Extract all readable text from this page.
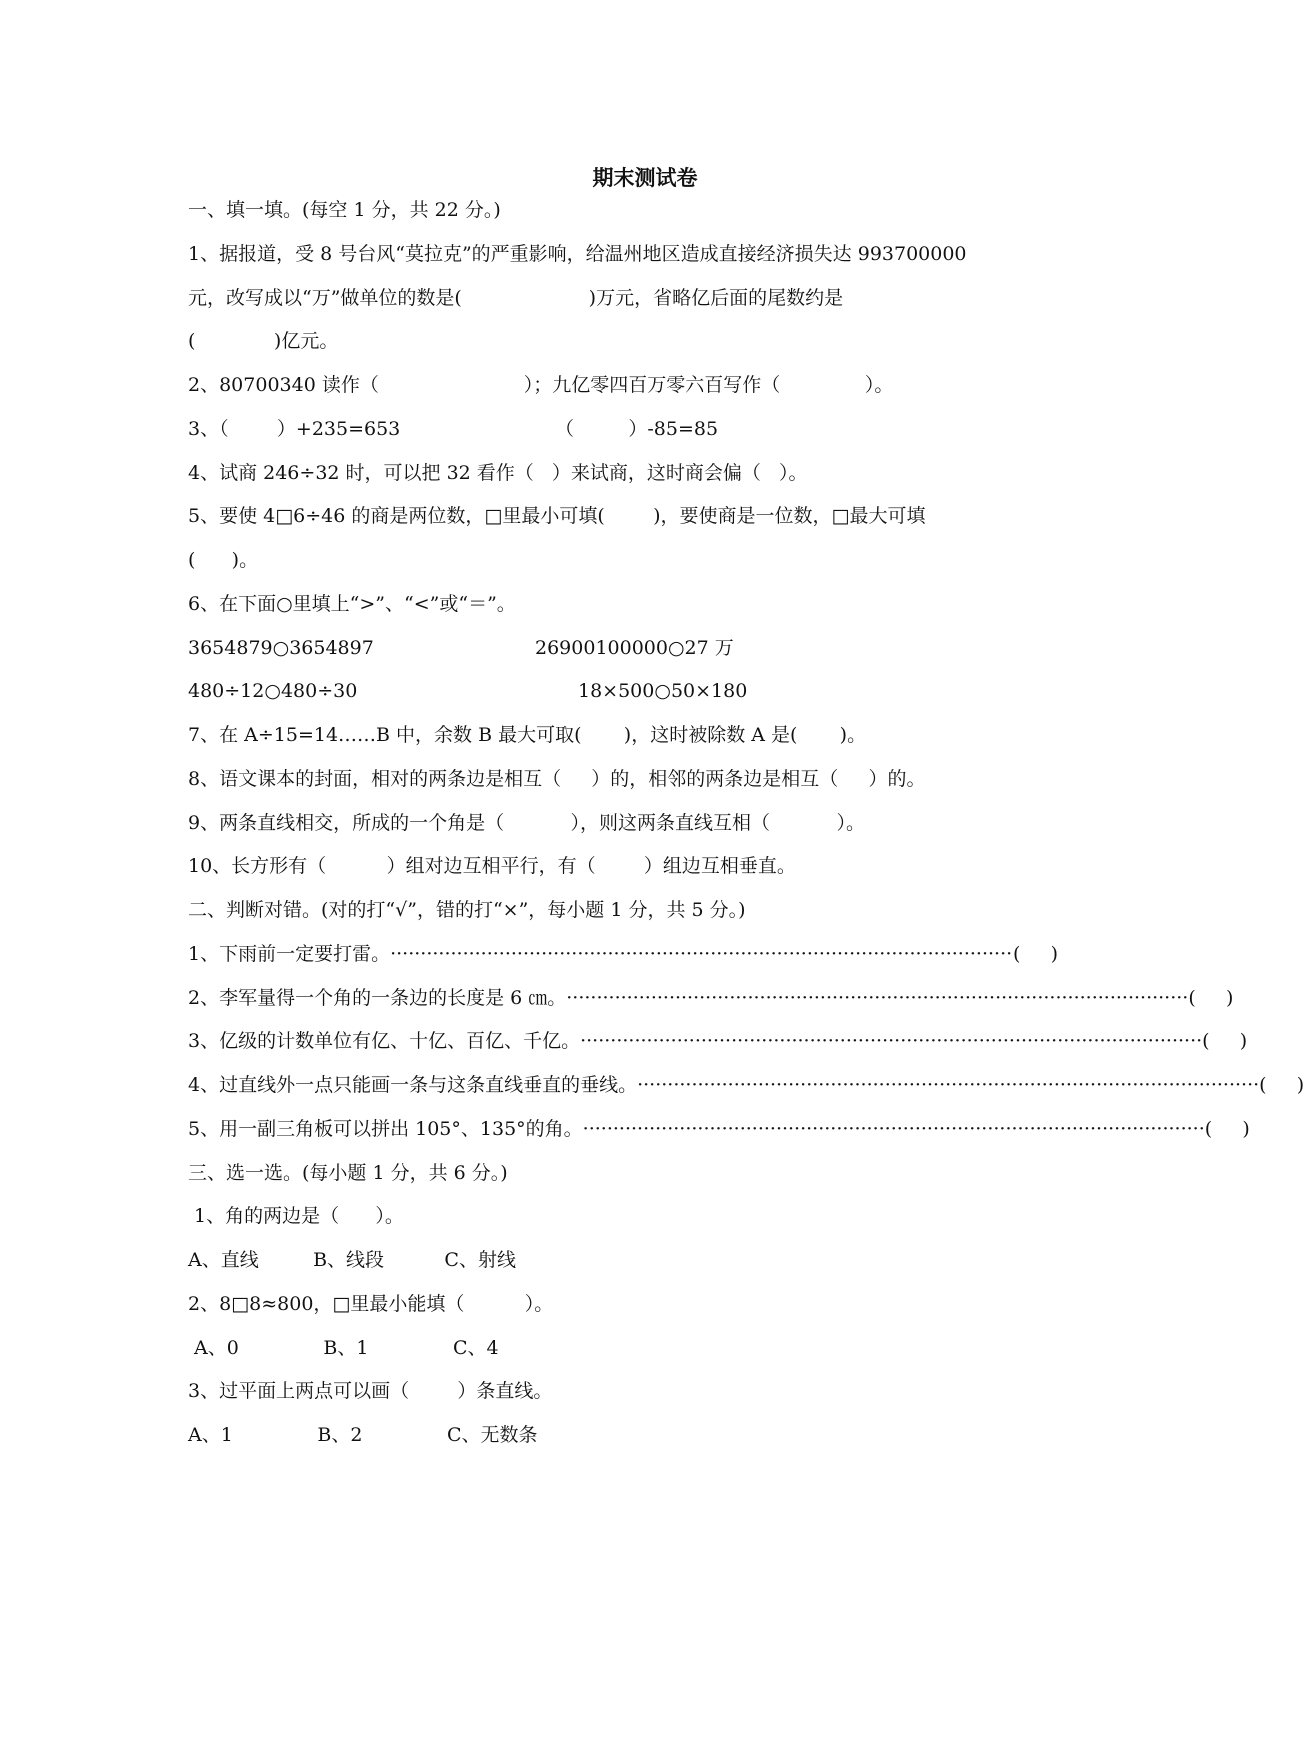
期末测试卷
一、填一填。(每空 1 分，共 22 分。)
1、据报道，受 8 号台风“莫拉克”的严重影响，给温州地区造成直接经济损失达 993700000
元，改写成以“万”做单位的数是(                     )万元，省略亿后面的尾数约是
(             )亿元。
2、80700340 读作（                        ）；九亿零四百万零六百写作（              ）。
3、（        ）+235=653	（         ）-85=85
4、试商 246÷32 时，可以把 32 看作（   ）来试商，这时商会偏（   ）。
5、要使 4□6÷46 的商是两位数，□里最小可填(        )，要使商是一位数，□最大可填
(      )。
6、在下面○里填上“>”、“<”或“＝”。
3654879○3654897	26900100000○27 万
480÷12○480÷30	18×500○50×180
7、在 A÷15=14……B 中，余数 B 最大可取(       )，这时被除数 A 是(       )。
8、语文课本的封面，相对的两条边是相互（     ）的，相邻的两条边是相互（     ）的。
9、两条直线相交，所成的一个角是（           ），则这两条直线互相（           ）。
10、长方形有（          ）组对边互相平行，有（        ）组边互相垂直。
二、判断对错。(对的打“√”，错的打“×”，每小题 1 分，共 5 分。)
1、下雨前一定要打雷。 ······································································································· (     )
2、李军量得一个角的一条边的长度是 6 ㎝。 ······································································································· (     )
3、亿级的计数单位有亿、十亿、百亿、千亿。 ······································································································· (     )
4、过直线外一点只能画一条与这条直线垂直的垂线。 ······································································································· (     )
5、用一副三角板可以拼出 105°、135°的角。 ······································································································· (     )
三、选一选。(每小题 1 分，共 6 分。)
1、角的两边是（      ）。
A、直线         B、线段          C、射线
2、8□8≈800，□里最小能填（          ）。
A、0              B、1              C、4
3、过平面上两点可以画（        ）条直线。
A、1              B、2              C、无数条
